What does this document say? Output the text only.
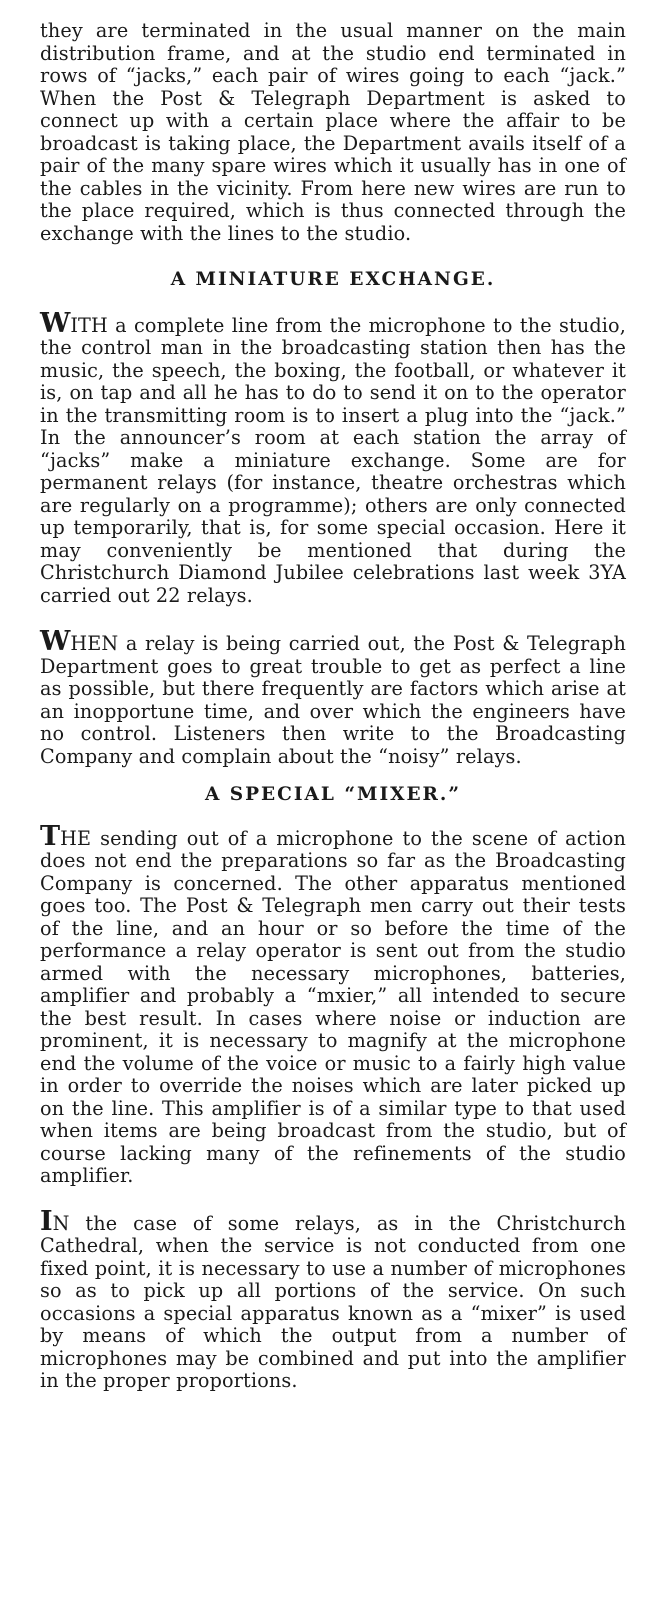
they are terminated in the usual manner on the main distribution frame, and at the studio end terminated in rows of “jacks,” each pair of wires going to each “jack.” When the Post & Telegraph Department is asked to connect up with a certain place where the affair to be broadcast is taking place, the Department avails itself of a pair of the many spare wires which it usually has in one of the cables in the vicinity. From here new wires are run to the place required, which is thus connected through the exchange with the lines to the studio.

A MINIATURE EXCHANGE.

WITH a complete line from the microphone to the studio, the control man in the broadcasting station then has the music, the speech, the boxing, the football, or whatever it is, on tap and all he has to do to send it on to the operator in the transmitting room is to insert a plug into the “jack.” In the announcer’s room at each station the array of “jacks” make a miniature exchange. Some are for permanent relays (for instance, theatre orchestras which are regularly on a programme); others are only connected up temporarily, that is, for some special occasion. Here it may conveniently be mentioned that during the Christchurch Diamond Jubilee celebrations last week 3YA carried out 22 relays.

WHEN a relay is being carried out, the Post & Telegraph Department goes to great trouble to get as perfect a line as possible, but there frequently are factors which arise at an inopportune time, and over which the engineers have no control. Listeners then write to the Broadcasting Company and complain about the “noisy” relays.

A SPECIAL “MIXER.”

THE sending out of a microphone to the scene of action does not end the preparations so far as the Broadcasting Company is concerned. The other apparatus mentioned goes too. The Post & Telegraph men carry out their tests of the line, and an hour or so before the time of the performance a relay operator is sent out from the studio armed with the necessary microphones, batteries, amplifier and probably a “mxier,” all intended to secure the best result. In cases where noise or induction are prominent, it is necessary to magnify at the microphone end the volume of the voice or music to a fairly high value in order to override the noises which are later picked up on the line. This amplifier is of a similar type to that used when items are being broadcast from the studio, but of course lacking many of the refinements of the studio amplifier.

IN the case of some relays, as in the Christchurch Cathedral, when the service is not conducted from one fixed point, it is necessary to use a number of microphones so as to pick up all portions of the service. On such occasions a special apparatus known as a “mixer” is used by means of which the output from a number of microphones may be combined and put into the amplifier in the proper proportions.
